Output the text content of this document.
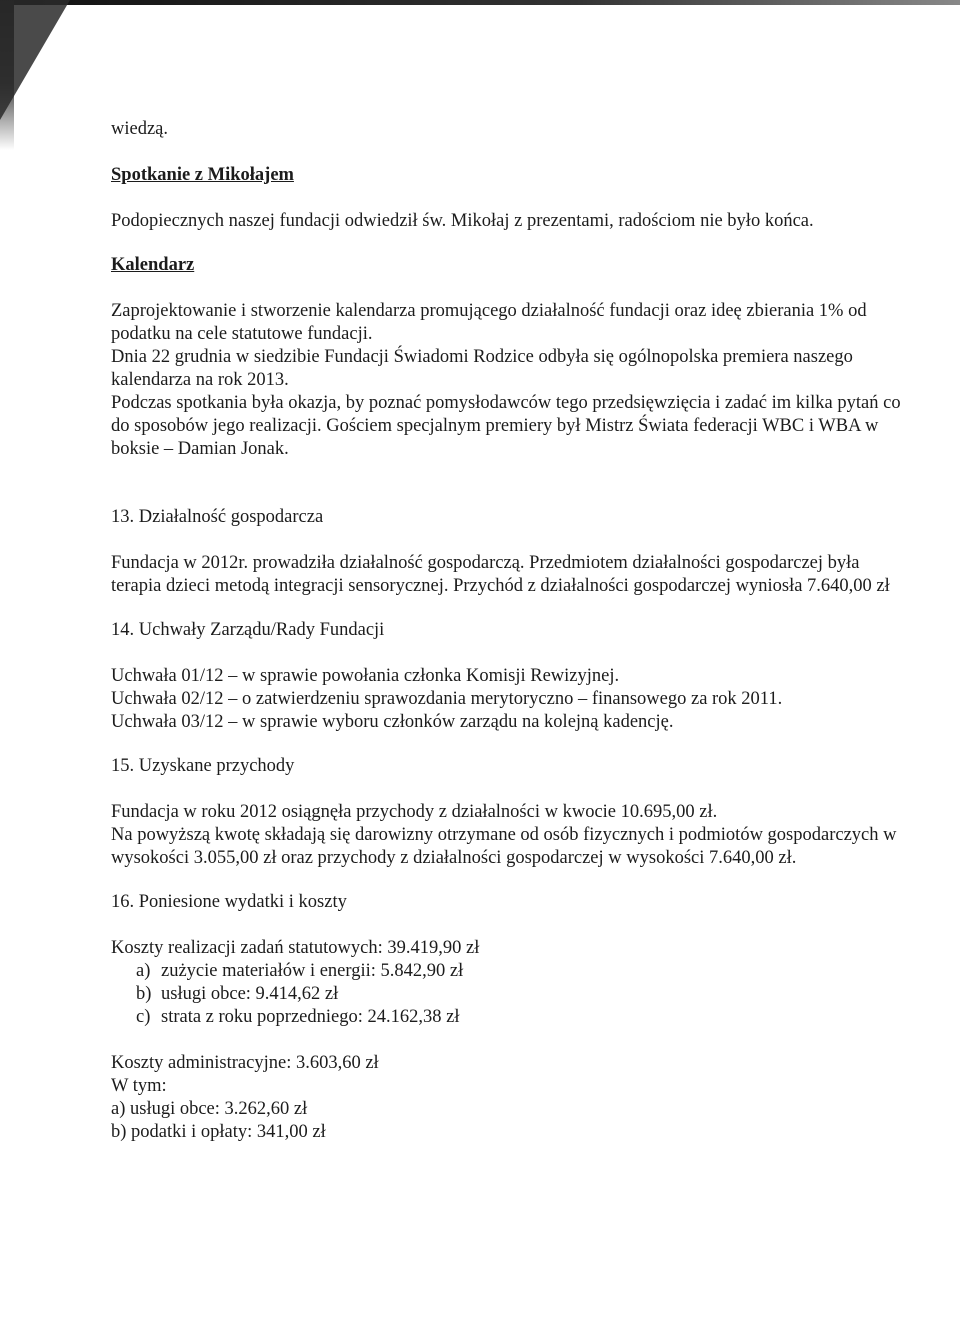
wiedzą.

Spotkanie z Mikołajem

Podopiecznych naszej fundacji odwiedził św. Mikołaj z prezentami, radościom nie było końca.

Kalendarz

Zaprojektowanie i stworzenie kalendarza promującego działalność fundacji oraz ideę zbierania 1% od podatku na cele statutowe fundacji.

Dnia 22 grudnia w siedzibie Fundacji Świadomi Rodzice odbyła się ogólnopolska premiera naszego kalendarza na rok 2013.

Podczas spotkania była okazja, by poznać pomysłodawców tego przedsięwzięcia i zadać im kilka pytań co do sposobów jego realizacji. Gościem specjalnym premiery był Mistrz Świata federacji WBC i WBA w boksie – Damian Jonak.

13. Działalność gospodarcza

Fundacja w 2012r. prowadziła działalność gospodarczą. Przedmiotem działalności gospodarczej była terapia dzieci metodą integracji sensorycznej. Przychód z działalności gospodarczej wyniosła 7.640,00 zł

14. Uchwały Zarządu/Rady Fundacji

Uchwała 01/12 – w sprawie powołania członka Komisji Rewizyjnej.

Uchwała 02/12 – o zatwierdzeniu sprawozdania merytoryczno – finansowego za rok 2011.

Uchwała 03/12 – w sprawie wyboru członków zarządu na kolejną kadencję.

15. Uzyskane przychody

Fundacja w roku 2012 osiągnęła przychody z działalności w kwocie 10.695,00 zł.

Na powyższą kwotę składają się darowizny otrzymane od osób fizycznych i podmiotów gospodarczych w wysokości 3.055,00 zł oraz przychody z działalności gospodarczej w wysokości 7.640,00 zł.

16. Poniesione wydatki i koszty

Koszty realizacji zadań statutowych: 39.419,90 zł

a) zużycie materiałów i energii: 5.842,90 zł
b) usługi obce: 9.414,62 zł
c) strata z roku poprzedniego: 24.162,38 zł

Koszty administracyjne: 3.603,60 zł

W tym:

a) usługi obce: 3.262,60 zł
b) podatki i opłaty: 341,00 zł
